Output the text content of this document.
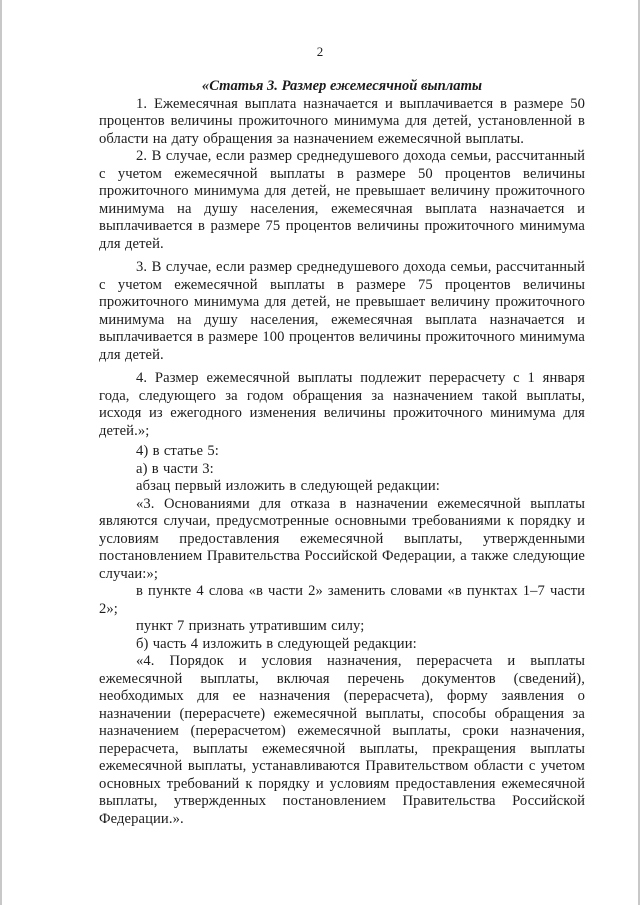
2

«Статья 3. Размер ежемесячной выплаты

1. Ежемесячная выплата назначается и выплачивается в размере 50 процентов величины прожиточного минимума для детей, установленной в области на дату обращения за назначением ежемесячной выплаты.

2. В случае, если размер среднедушевого дохода семьи, рассчитанный с учетом ежемесячной выплаты в размере 50 процентов величины прожиточного минимума для детей, не превышает величину прожиточного минимума на душу населения, ежемесячная выплата назначается и выплачивается в размере 75 процентов величины прожиточного минимума для детей.

3. В случае, если размер среднедушевого дохода семьи, рассчитанный с учетом ежемесячной выплаты в размере 75 процентов величины прожиточного минимума для детей, не превышает величину прожиточного минимума на душу населения, ежемесячная выплата назначается и выплачивается в размере 100 процентов величины прожиточного минимума для детей.

4. Размер ежемесячной выплаты подлежит перерасчету с 1 января года, следующего за годом обращения за назначением такой выплаты, исходя из ежегодного изменения величины прожиточного минимума для детей.»;

4) в статье 5:

а) в части 3:

абзац первый изложить в следующей редакции:

«3. Основаниями для отказа в назначении ежемесячной выплаты являются случаи, предусмотренные основными требованиями к порядку и условиям предоставления ежемесячной выплаты, утвержденными постановлением Правительства Российской Федерации, а также следующие случаи:»;

в пункте 4 слова «в части 2» заменить словами «в пунктах 1–7 части 2»;

пункт 7 признать утратившим силу;

б) часть 4 изложить в следующей редакции:

«4. Порядок и условия назначения, перерасчета и выплаты ежемесячной выплаты, включая перечень документов (сведений), необходимых для ее назначения (перерасчета), форму заявления о назначении (перерасчете) ежемесячной выплаты, способы обращения за назначением (перерасчетом) ежемесячной выплаты, сроки назначения, перерасчета, выплаты ежемесячной выплаты, прекращения выплаты ежемесячной выплаты, устанавливаются Правительством области с учетом основных требований к порядку и условиям предоставления ежемесячной выплаты, утвержденных постановлением Правительства Российской Федерации.».
